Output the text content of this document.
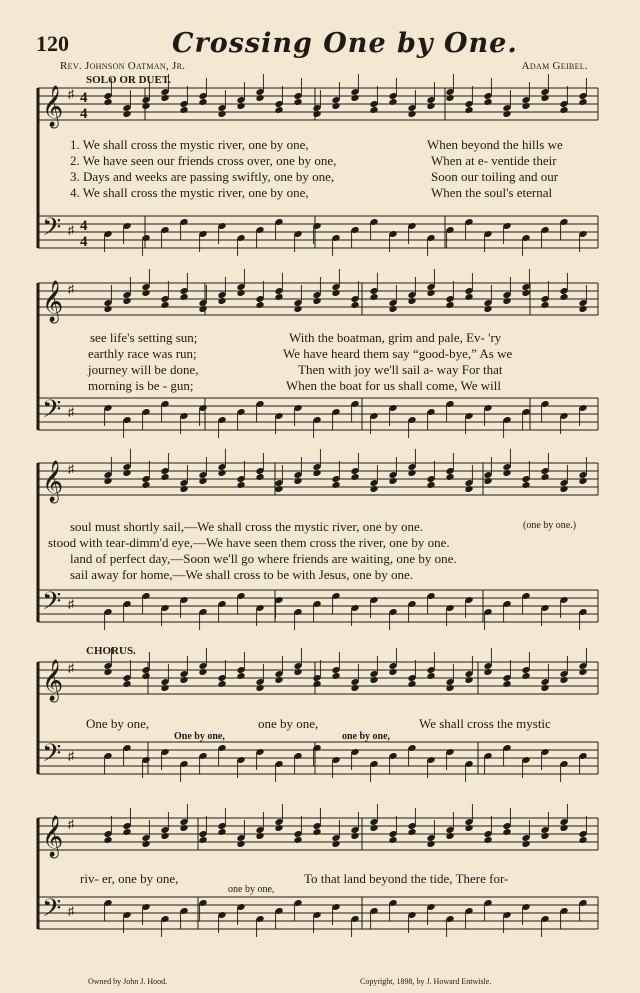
120	Crossing One by One.
Rev. Johnson Oatman, Jr.	Adam Geibel.
SOLO OR DUET.
CHORUS.
𝄞
𝄢
♯
♯
𝄞
𝄢
♯
♯
𝄞
𝄢
♯
♯
𝄞
𝄢
♯
♯
𝄞
𝄢
♯
♯
4
4
4
4
1. We shall cross the mystic river, one by one,	When beyond the hills we
2. We have seen our friends cross over, one by one,	When at e- ventide their
3. Days and weeks are passing swiftly, one by one,	Soon our toiling and our
4. We shall cross the mystic river, one by one,	When the soul's eternal
see life's setting sun;	With the boatman, grim and pale, Ev- 'ry
earthly race was run;	We have heard them say “good-bye,” As we
journey will be done,	Then with joy we'll sail a- way For that
morning is be - gun;	When the boat for us shall come, We will
soul must shortly sail,—We shall cross the mystic river, one by one.	(one by one.)
stood with tear-dimm'd eye,—We have seen them cross the river, one by one.
land of perfect day,—Soon we'll go where friends are waiting, one by one.
sail away for home,—We shall cross to be with Jesus, one by one.
One by one,	one by one,	We shall cross the mystic
One by one,	one by one,
riv- er, one by one,	To that land beyond the tide, There for-
one by one,
Owned by John J. Hood.	Copyright, 1898, by J. Howard Entwisle.
